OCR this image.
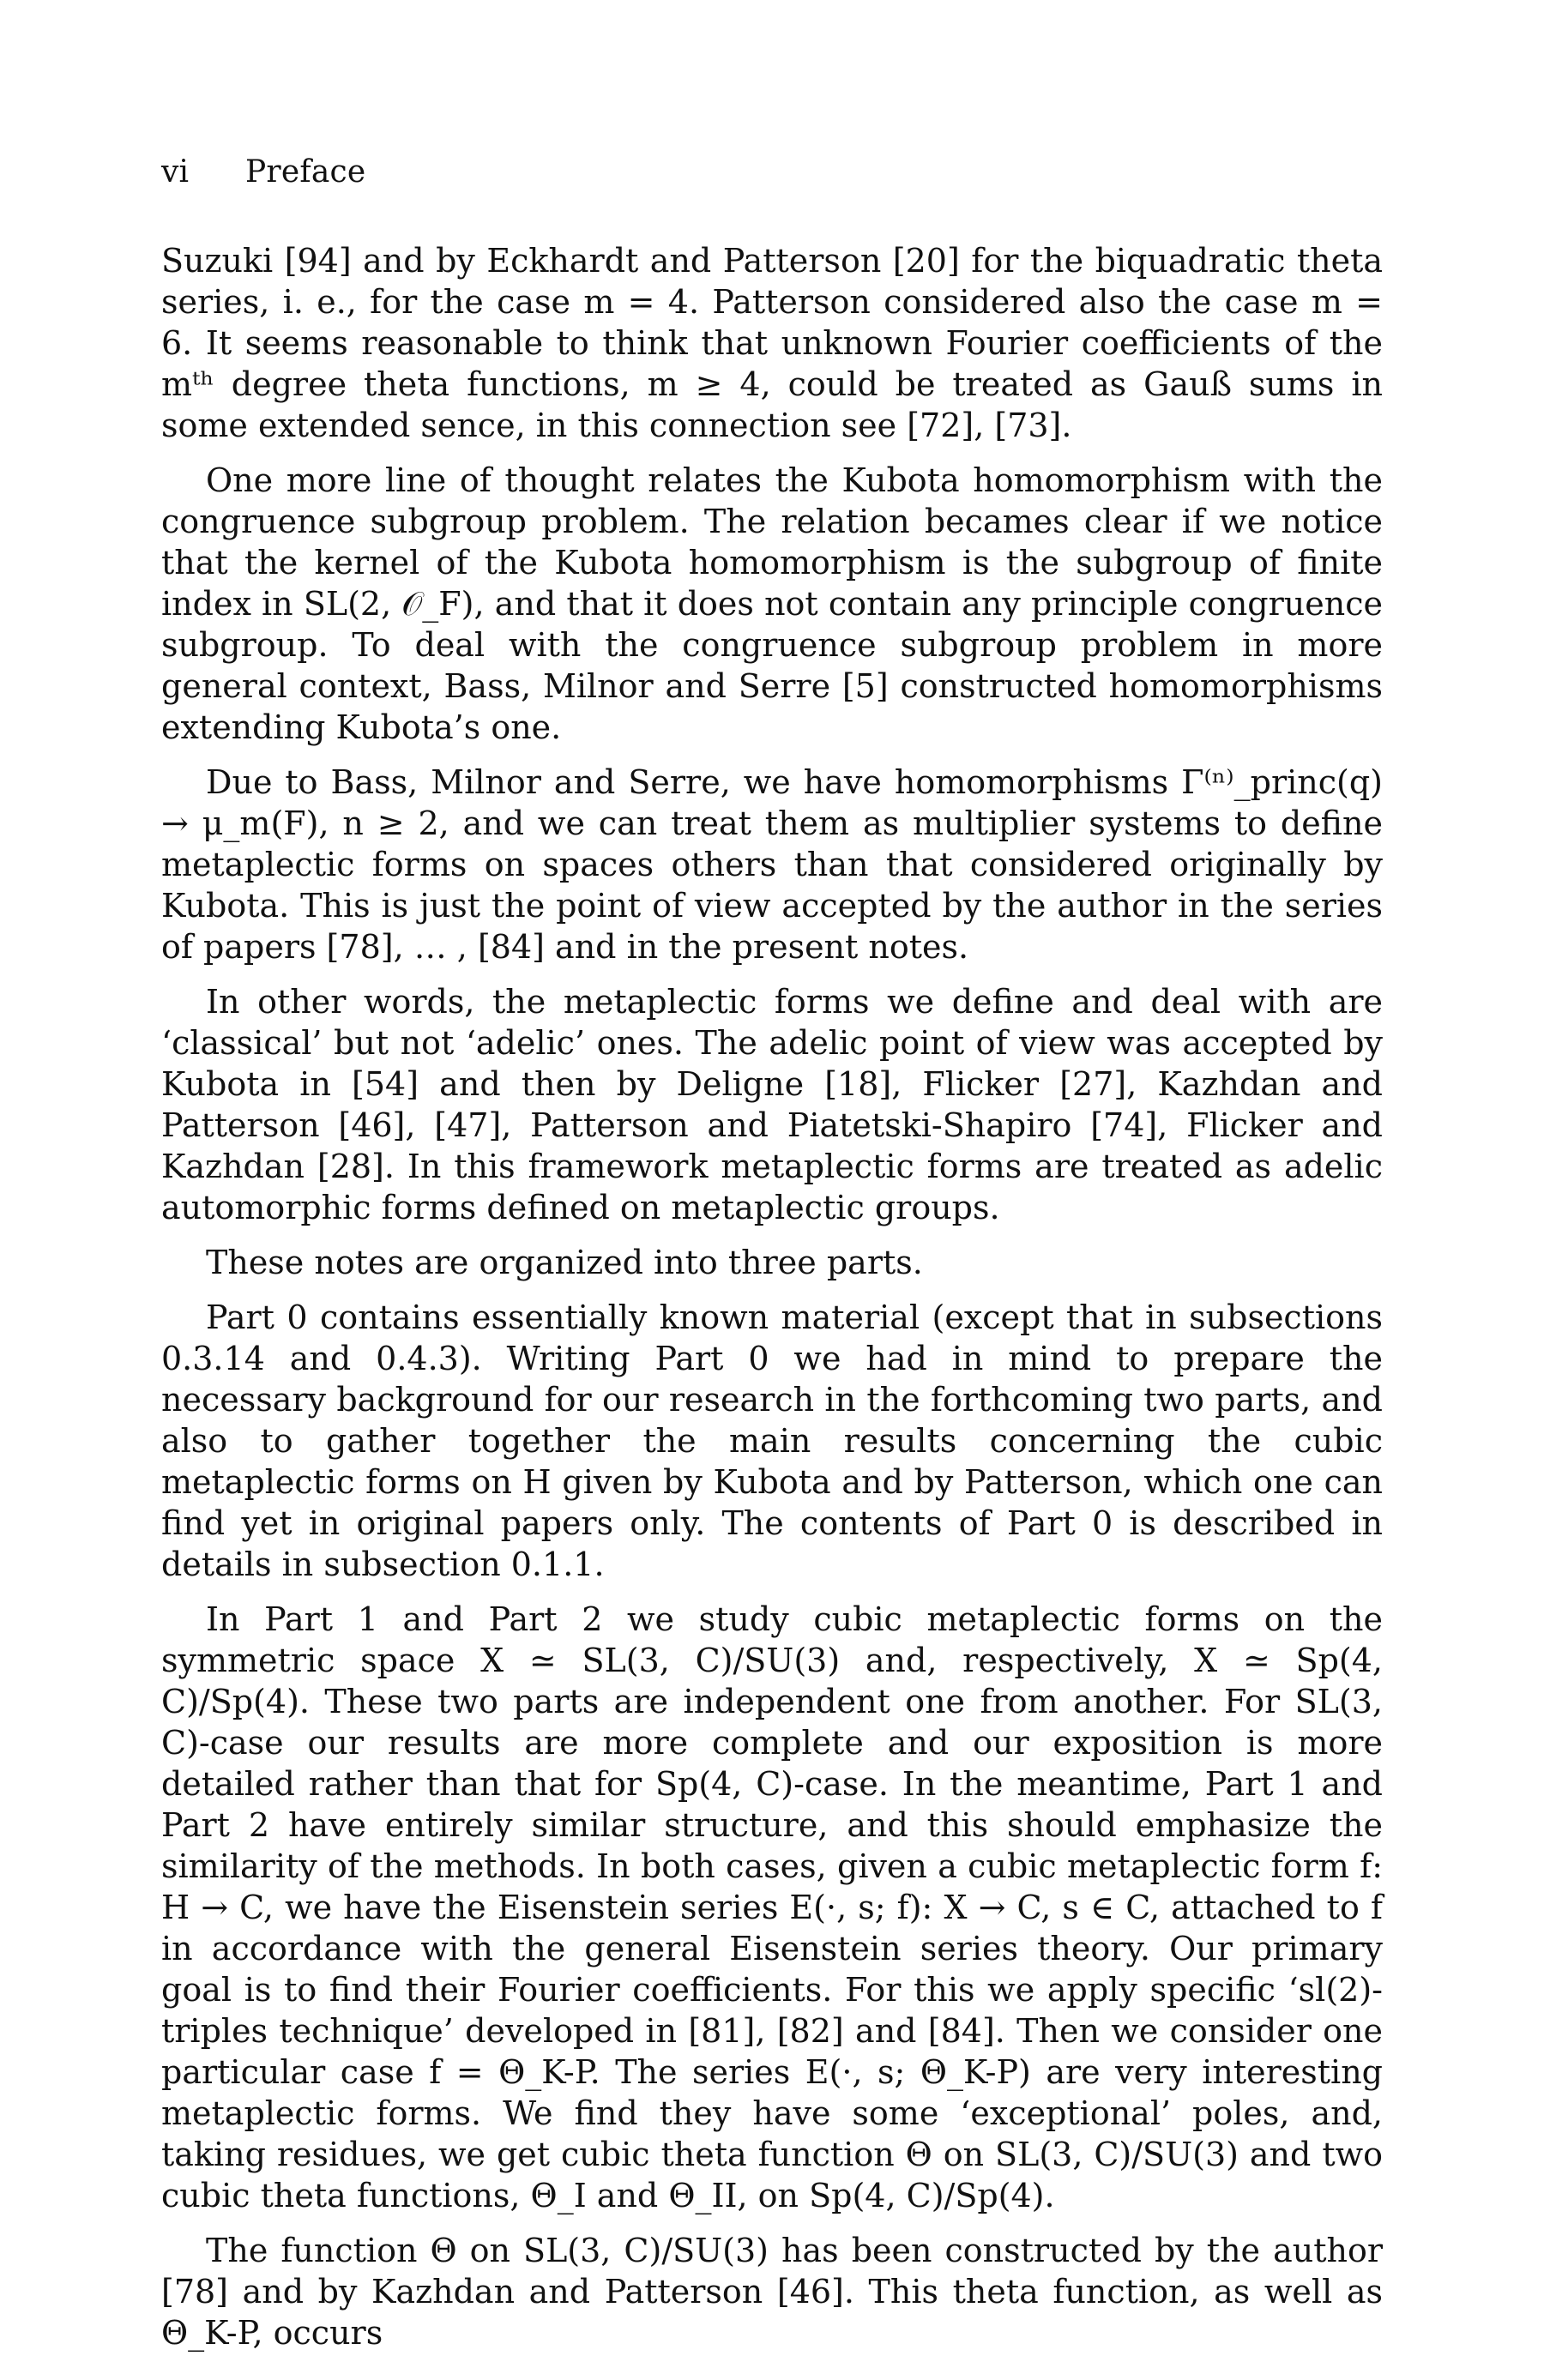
vi Preface

Suzuki [94] and by Eckhardt and Patterson [20] for the biquadratic theta series, i. e., for the case m = 4. Patterson considered also the case m = 6. It seems reasonable to think that unknown Fourier coefficients of the mᵗʰ degree theta functions, m ≥ 4, could be treated as Gauß sums in some extended sence, in this connection see [72], [73].

One more line of thought relates the Kubota homomorphism with the congruence subgroup problem. The relation becames clear if we notice that the kernel of the Kubota homomorphism is the subgroup of finite index in SL(2, 𝒪_F), and that it does not contain any principle congruence subgroup. To deal with the congruence subgroup problem in more general context, Bass, Milnor and Serre [5] constructed homomorphisms extending Kubota’s one.

Due to Bass, Milnor and Serre, we have homomorphisms Γ⁽ⁿ⁾_princ(q) → μ_m(F), n ≥ 2, and we can treat them as multiplier systems to define metaplectic forms on spaces others than that considered originally by Kubota. This is just the point of view accepted by the author in the series of papers [78], … , [84] and in the present notes.

In other words, the metaplectic forms we define and deal with are ‘classical’ but not ‘adelic’ ones. The adelic point of view was accepted by Kubota in [54] and then by Deligne [18], Flicker [27], Kazhdan and Patterson [46], [47], Patterson and Piatetski-Shapiro [74], Flicker and Kazhdan [28]. In this framework metaplectic forms are treated as adelic automorphic forms defined on metaplectic groups.

These notes are organized into three parts.

Part 0 contains essentially known material (except that in subsections 0.3.14 and 0.4.3). Writing Part 0 we had in mind to prepare the necessary background for our research in the forthcoming two parts, and also to gather together the main results concerning the cubic metaplectic forms on H given by Kubota and by Patterson, which one can find yet in original papers only. The contents of Part 0 is described in details in subsection 0.1.1.

In Part 1 and Part 2 we study cubic metaplectic forms on the symmetric space X ≃ SL(3, C)/SU(3) and, respectively, X ≃ Sp(4, C)/Sp(4). These two parts are independent one from another. For SL(3, C)-case our results are more complete and our exposition is more detailed rather than that for Sp(4, C)-case. In the meantime, Part 1 and Part 2 have entirely similar structure, and this should emphasize the similarity of the methods. In both cases, given a cubic metaplectic form f: H → C, we have the Eisenstein series E(·, s; f): X → C, s ∈ C, attached to f in accordance with the general Eisenstein series theory. Our primary goal is to find their Fourier coefficients. For this we apply specific ‘sl(2)-triples technique’ developed in [81], [82] and [84]. Then we consider one particular case f = Θ_K-P. The series E(·, s; Θ_K-P) are very interesting metaplectic forms. We find they have some ‘exceptional’ poles, and, taking residues, we get cubic theta function Θ on SL(3, C)/SU(3) and two cubic theta functions, Θ_I and Θ_II, on Sp(4, C)/Sp(4).

The function Θ on SL(3, C)/SU(3) has been constructed by the author [78] and by Kazhdan and Patterson [46]. This theta function, as well as Θ_K-P, occurs
